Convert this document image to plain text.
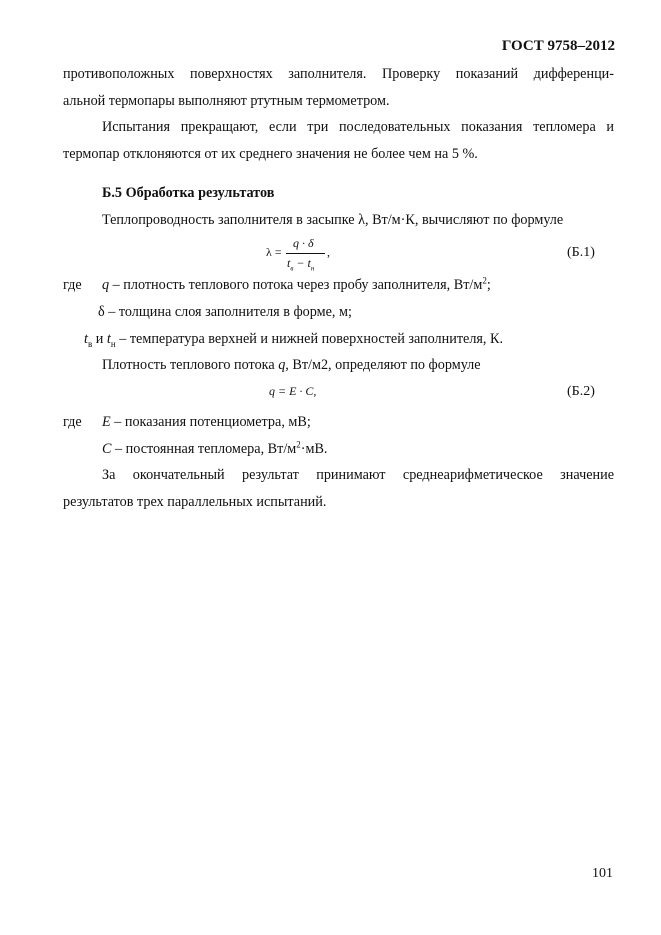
ГОСТ 9758–2012
противоположных поверхностях заполнителя. Проверку показаний дифференци-
альной термопары выполняют ртутным термометром.
Испытания прекращают, если три последовательных показания тепломера и
термопар отклоняются от их среднего значения не более чем на 5 %.
Б.5 Обработка результатов
Теплопроводность заполнителя в засыпке λ, Вт/м·К, вычисляют по формуле
λ =
q · δ
$t_в - t_н$
,	(Б.1)
где q – плотность теплового потока через пробу заполнителя, $Вт/м^2$;
δ – толщина слоя заполнителя в форме, м;
$t_в$ и $t_н$ – температура верхней и нижней поверхностей заполнителя, К.
Плотность теплового потока q, Вт/м2, определяют по формуле
q = E · C,	(Б.2)
где E – показания потенциометра, мВ;
C – постоянная тепломера, $Вт/м^2\cdot мВ$.
За окончательный результат принимают среднеарифметическое значение
результатов трех параллельных испытаний.
101
